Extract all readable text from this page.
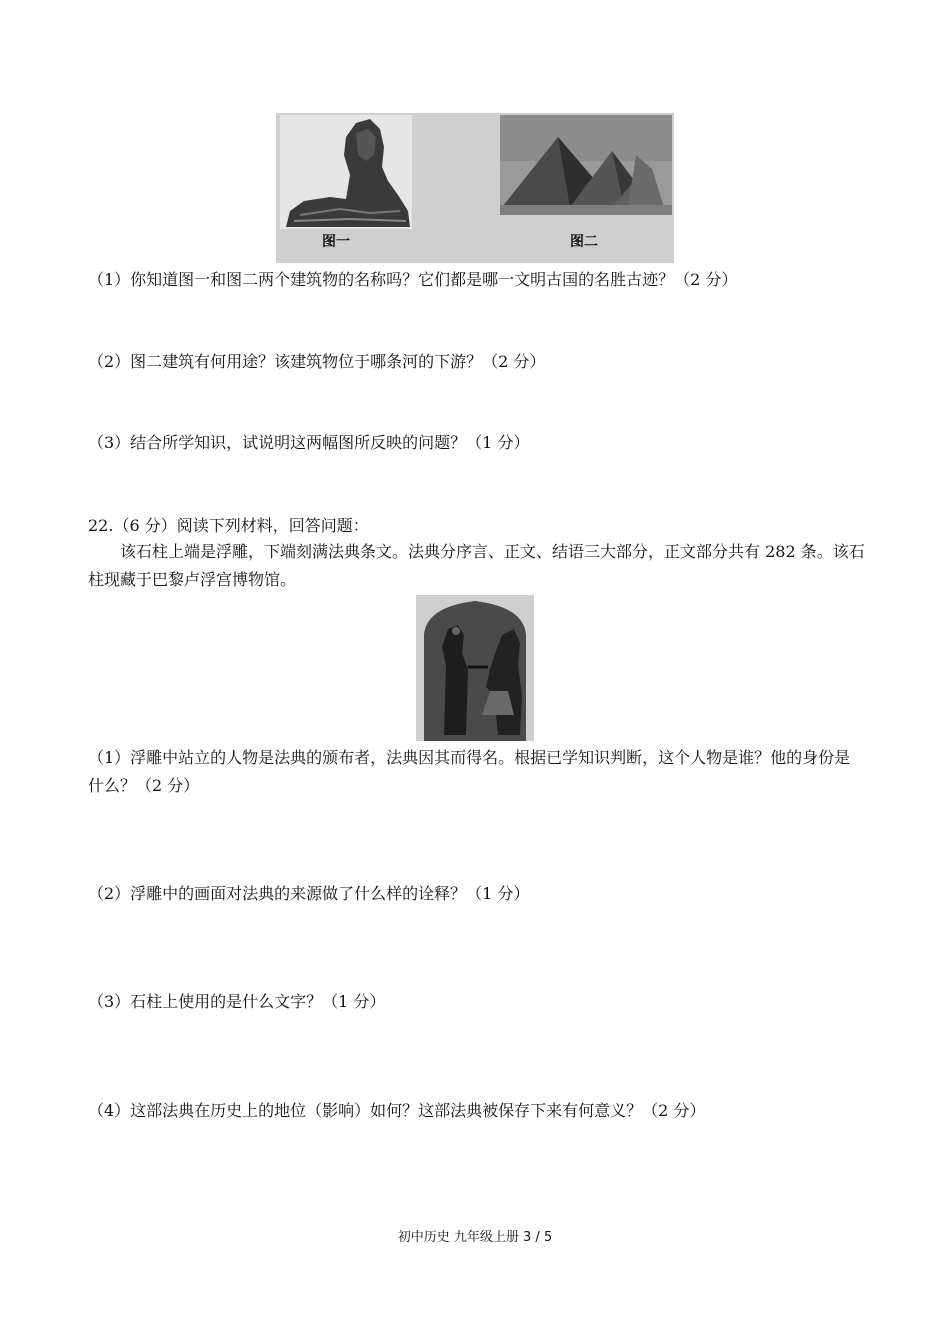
图一	图二
（1）你知道图一和图二两个建筑物的名称吗？它们都是哪一文明古国的名胜古迹？（2 分）
（2）图二建筑有何用途？该建筑物位于哪条河的下游？（2 分）
（3）结合所学知识，试说明这两幅图所反映的问题？（1 分）
22.（6 分）阅读下列材料，回答问题：
该石柱上端是浮雕，下端刻满法典条文。法典分序言、正文、结语三大部分，正文部分共有 282 条。该石柱现藏于巴黎卢浮宫博物馆。
（1）浮雕中站立的人物是法典的颁布者，法典因其而得名。根据已学知识判断，这个人物是谁？他的身份是什么？（2 分）
（2）浮雕中的画面对法典的来源做了什么样的诠释？（1 分）
（3）石柱上使用的是什么文字？（1 分）
（4）这部法典在历史上的地位（影响）如何？这部法典被保存下来有何意义？（2 分）
初中历史 九年级上册 3 / 5
